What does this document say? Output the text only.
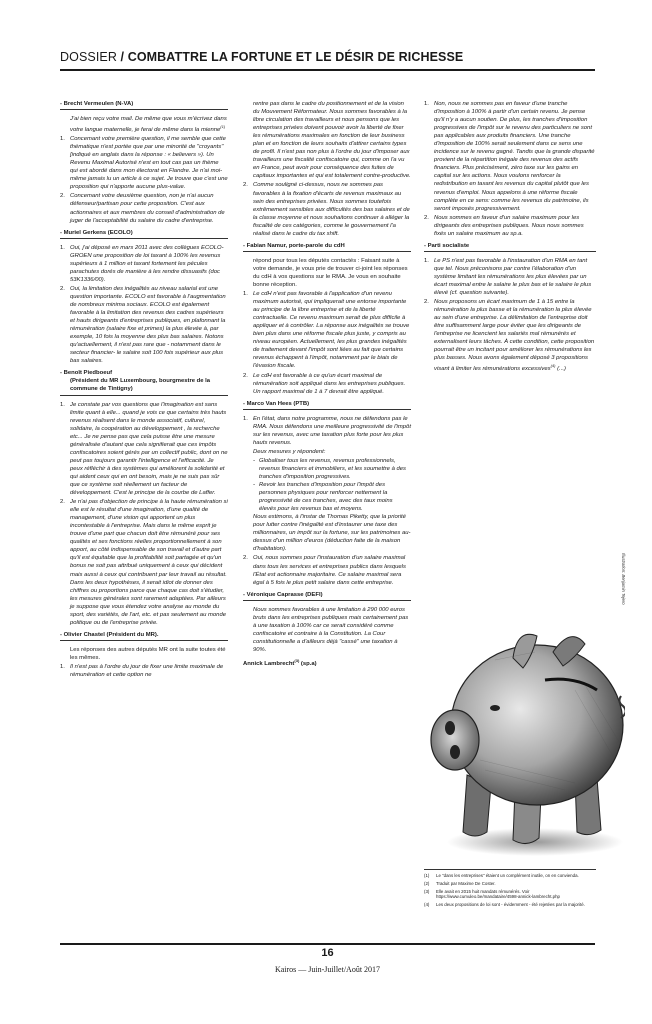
DOSSIER / COMBATTRE LA FORTUNE ET LE DÉSIR DE RICHESSE
- Brecht Vermeulen (N-VA)
J'ai bien reçu votre mail. De même que vous m'écrivez dans votre langue maternelle, je ferai de même dans la mienne$^{(1)}$
1. Concemant votre première question, il me semble que cette thématique n'est portée que par une minorité de "croyants" [indiqué en anglais dans la réponse : « believers »). Un Revenu Maximal Autorisé n'est en tout cas pas un thème qui est abordé dans mon électorat en Flandre. Je n'ai moi-même jamais lu un article à ce sujet. Je trouve que c'est une proposition qui n'apporte aucune plus-value.
2. Concemant votre deuxième question, non je n'ai aucun défenseur/partisan pour cette proposition. C'est aux actionnaires et aux membres du conseil d'administration de juger de l'acceptabilité du salaire du cadre d'entreprise.
- Muriel Gerkens (ECOLO)
1. Oui, j'ai déposé en mars 2011 avec des collègues ECOLO-GROEN une proposition de loi taxant à 100% les revenus supérieurs à 1 million et taxant fortement les pécules parachutes dorés de manière à les rendre dissuasifs (doc 53K1336/00).
2. Oui, la limitation des inégalités au niveau salarial est une question importante. ECOLO est favorable à l'augmentation de nombreux minima sociaux. ECOLO est également favorable à la limitation des revenus des cadres supérieurs et hauts dirigeants d'entreprises publiques, en plafonnant la rémunération (salaire fixe et primes) la plus élevée à, par exemple, 10 fois la moyenne des plus bas salaires. Notons qu'actuellement, il n'est pas rare que - notamment dans le secteur financier- le salaire soit 100 fois supérieur aux plus bas salaires.
- Benoît Piedboeuf
(Président du MR Luxembourg, bourgmestre de la commune de Tintigny)
1. Je constate par vos questions que l'imagination est sans limite quant à elle... quand je vois ce que certains très hauts revenus réalisent dans le monde associatif, culturel, solidaire, la coopération au développement , la recherche etc... Je ne pense pas que cela puisse être une mesure généralisée d'autant que cela signifierait que ces impôts confiscatoires soient gérés par un collectif public, dont on ne peut pas toujours garantir l'intelligence et l'efficacité. Je peux réfléchir à des systèmes qui améliorent la solidarité et qui aident ceux qui en ont besoin, mais je ne suis pas sûr que ce système soit réellement un facteur de développement. C'est le principe de la courbe de Laffer.
2. Je n'ai pas d'objection de principe à la haute rémunération si elle est le résultat d'une imagination, d'une qualité de management, d'une vision qui apportent un plus incontestable à l'entreprise. Mais dans le même esprit je trouve d'une part que chacun doit être rémunéré pour ses qualités et ses fonctions réelles proportionnellement à son apport, au côté indispensable de son travail et d'autre part qu'il est équitable que la profitabilité soit partagée et qu'un bonus ne soit pas attribué uniquement à ceux qui décident mais aussi à ceux qui contribuent par leur travail au résultat. Dans les deux hypothèses, il serait idiot de donner des chiffres ou proportions parce que chaque cas doit s'étudier, les mesures générales sont rarement adaptées. Par ailleurs je suppose que vous étendez votre analyse au monde du sport, des variétés, de l'art, etc. et pas seulement au monde politique ou de l'entreprise privée.
- Olivier Chastel (Président du MR).
Les réponses des autres députés MR ont la suite toutes été les mêmes.
1. Il n'est pas à l'ordre du jour de fixer une limite maximale de rémunération et cette option ne
rentre pas dans le cadre du positionnement et de la vision du Mouvement Réformateur. Nous sommes favorables à la libre circulation des travailleurs et nous pensons que les entreprises privées doivent pouvoir avoir la liberté de fixer les rémunérations maximales en fonction de leur business plan et en fonction de leurs souhaits d'attirer certains types de profil. Il n'est pas non plus à l'ordre du jour d'imposer aux travailleurs une fiscalité confiscatoire qui, comme on l'a vu en France, peut avoir pour conséquence des fuites de capitaux importantes et qui est totalement contre-productive.
2. Comme souligné ci-dessus, nous ne sommes pas favorables à la fixation d'écarts de revenus maximaux au sein des entreprises privées. Nous sommes toutefois extrêmement sensibles aux difficultés des bas salaires et de la classe moyenne et nous souhaitons continuer à alléger la fiscalité de ces catégories, comme le gouvernement l'a réalisé dans le cadre du tax shift.
- Fabian Namur, porte-parole du cdH
répond pour tous les députés contactés : Faisant suite à votre demande, je vous prie de trouver ci-joint les réponses du cdH à vos questions sur le RMA. Je vous en souhaite bonne réception.
1. Le cdH n'est pas favorable à l'application d'un revenu maximum autorisé, qui impliquerait une entorse importante au principe de la libre entreprise et de la liberté contractuelle. Ce revenu maximum serait de plus difficile à appliquer et à contrôler. La réponse aux inégalités se trouve bien plus dans une réforme fiscale plus juste, y compris au niveau européen. Actuellement, les plus grandes inégalités de traitement devant l'impôt sont liées au fait que certains revenus échappent à l'impôt, notamment par le biais de l'évasion fiscale.
2. Le cdH est favorable à ce qu'un écart maximal de rémunération soit appliqué dans les entreprises publiques. Un rapport maximal de 1 à 7 devrait être appliqué.
- Marco Van Hees (PTB)
1. En l'état, dans notre programme, nous ne défendons pas le RMA. Nous défendons une meilleure progressivité de l'impôt sur les revenus, avec une taxation plus forte pour les plus hauts revenus.
Deux mesures y répondent:
- Globaliser tous les revenus, revenus professionnels, revenus financiers et immobiliers, et les soumettre à des tranches d'imposition progressives.
- Revoir les tranches d'imposition pour l'impôt des personnes physiques pour renforcer nettement la progressivité de ces tranches, avec des taux moins élevés pour les revenus bas et moyens.
Nous estimons, à l'instar de Thomas Piketty, que la priorité pour lutter contre l'inégalité est d'instaurer une taxe des millionnaires, un impôt sur la fortune, sur les patrimoines au-dessus d'un million d'euros (déduction faite de la maison d'habitation).
2. Oui, nous sommes pour l'instauration d'un salaire maximal dans tous les services et entreprises publics dans lesquels l'État est actionnaire majoritaire. Ce salaire maximal sera égal à 5 fois le plus petit salaire dans cette entreprise.
- Véronique Caprasse (DEFI)
Nous sommes favorables à une limitation à 290 000 euros bruts dans les entreprises publiques mais certainement pas à une taxation à 100% car ce serait considéré comme confiscatoire et contraire à la Constitution. La Cour constitutionnelle a d'ailleurs déjà "cassé" une taxation à 90%.
Annick Lambrecht$^{(3)}$ (sp.a)
1. Non, nous ne sommes pas en faveur d'une tranche d'imposition à 100% à partir d'un certain revenu. Je pense qu'il n'y a aucun soutien. De plus, les tranches d'imposition progressives de l'impôt sur le revenu des particuliers ne sont pas applicables aux produits financiers. Une tranche d'imposition de 100% serait seulement dans ce sens une incidence sur le revenu gagné. Tandis que la grande disparité provient de la répartition inégale des revenus des actifs financiers. Plus précisément, zéro taxe sur les gains en capital sur les actions. Nous voulons renforcer la redistribution en taxant les revenus du capital plutôt que les revenus d'emploi. Nous appelons à une réforme fiscale complète en ce sens: comme les revenus du patrimoine, ils seront imposés progressivement.
2. Nous sommes en faveur d'un salaire maximum pour les dirigeants des entreprises publiques. Nous nous sommes fixés un salaire maximum au sp.a.
- Parti socialiste
1. Le PS n'est pas favorable à l'instauration d'un RMA en tant que tel. Nous préconisons par contre l'élaboration d'un système limitant les rémunérations les plus élevées par un écart maximal entre le salaire le plus bas et le salaire le plus élevé (cf. question suivante).
2. Nous proposons un écart maximum de 1 à 15 entre la rémunération la plus basse et la rémunération la plus élevée au sein d'une entreprise. La délimitation de l'entreprise doit être suffisamment large pour éviter que les dirigeants de l'entreprise ne licencient les salariés mal rémunérés et externalisent leurs tâches. À cette condition, cette proposition pourrait être un incitant pour améliorer les rémunérations les plus basses. Nous avons également déposé 3 propositions visant à limiter les rémunérations excessives$^{(4)}$ (...)
Illustration: Benjamin Tejero
(1)	Le "dans les entreprises" étaient un complément inutile, on en convienda.
(2)	Traduit par Maxime De Coster.
(3)	Elle avait en 2015 huit mandats rémunérés. Voir https://www.cumuleo.be/mandataire/4598-annick-lambrecht.php
(4)	Les deux propositions de loi sont - évidemment - été rejetées par la majorité.
16
Kairos — Juin-Juillet/Août 2017
